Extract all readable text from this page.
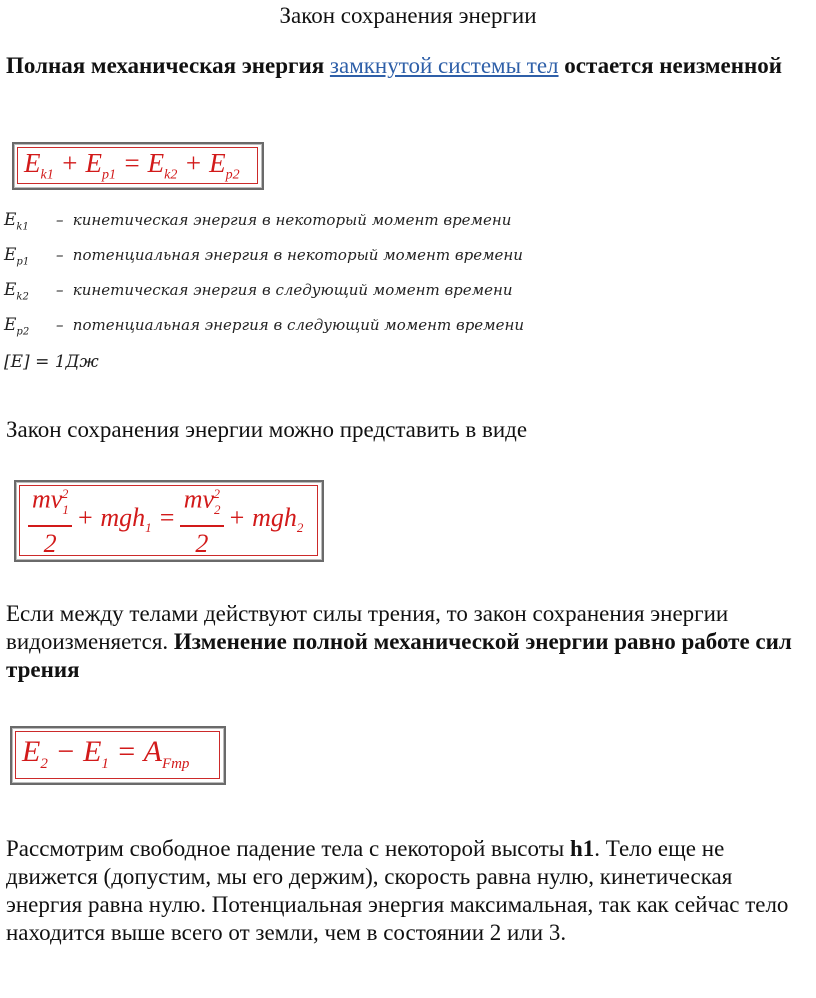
Закон сохранения энергии
Полная механическая энергия замкнутой системы тел остается неизменной
$E_{k1} + E_{p1} = E_{k2} + E_{p2}$
$E_{k1}$ – кинетическая энергия в некоторый момент времени
$E_{p1}$ – потенциальная энергия в некоторый момент времени
$E_{k2}$ – кинетическая энергия в следующий момент времени
$E_{p2}$ – потенциальная энергия в следующий момент времени
[E] = 1Дж
Закон сохранения энергии можно представить в виде
$\frac{mv_1^2}{2} + mgh_1 = \frac{mv_2^2}{2} + mgh_2$
Если между телами действуют силы трения, то закон сохранения энергии видоизменяется. Изменение полной механической энергии равно работе сил трения
$E_2 - E_1 = A_{Fmp}$
Рассмотрим свободное падение тела с некоторой высоты h1. Тело еще не движется (допустим, мы его держим), скорость равна нулю, кинетическая энергия равна нулю. Потенциальная энергия максимальная, так как сейчас тело находится выше всего от земли, чем в состоянии 2 или 3.
